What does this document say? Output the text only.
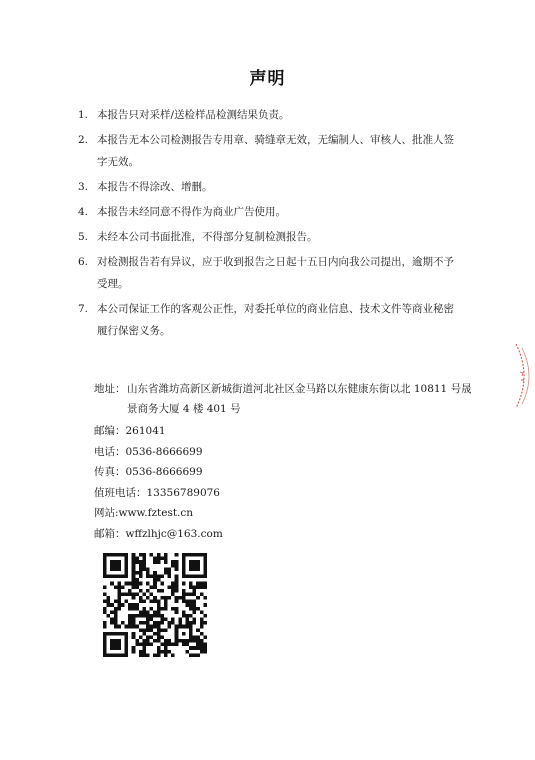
声明
1. 本报告只对采样/送检样品检测结果负责。
2. 本报告无本公司检测报告专用章、骑缝章无效，无编制人、审核人、批准人签字无效。
3. 本报告不得涂改、增删。
4. 本报告未经同意不得作为商业广告使用。
5. 未经本公司书面批准，不得部分复制检测报告。
6. 对检测报告若有异议，应于收到报告之日起十五日内向我公司提出，逾期不予受理。
7. 本公司保证工作的客观公正性，对委托单位的商业信息、技术文件等商业秘密履行保密义务。
地址： 山东省潍坊高新区新城街道河北社区金马路以东健康东街以北 10811 号晟景商务大厦 4 楼 401 号
邮编：261041
电话：0536-8666699
传真：0536-8666699
值班电话：13356789076
网站:www.fztest.cn
邮箱：wffzlhjc@163.com
